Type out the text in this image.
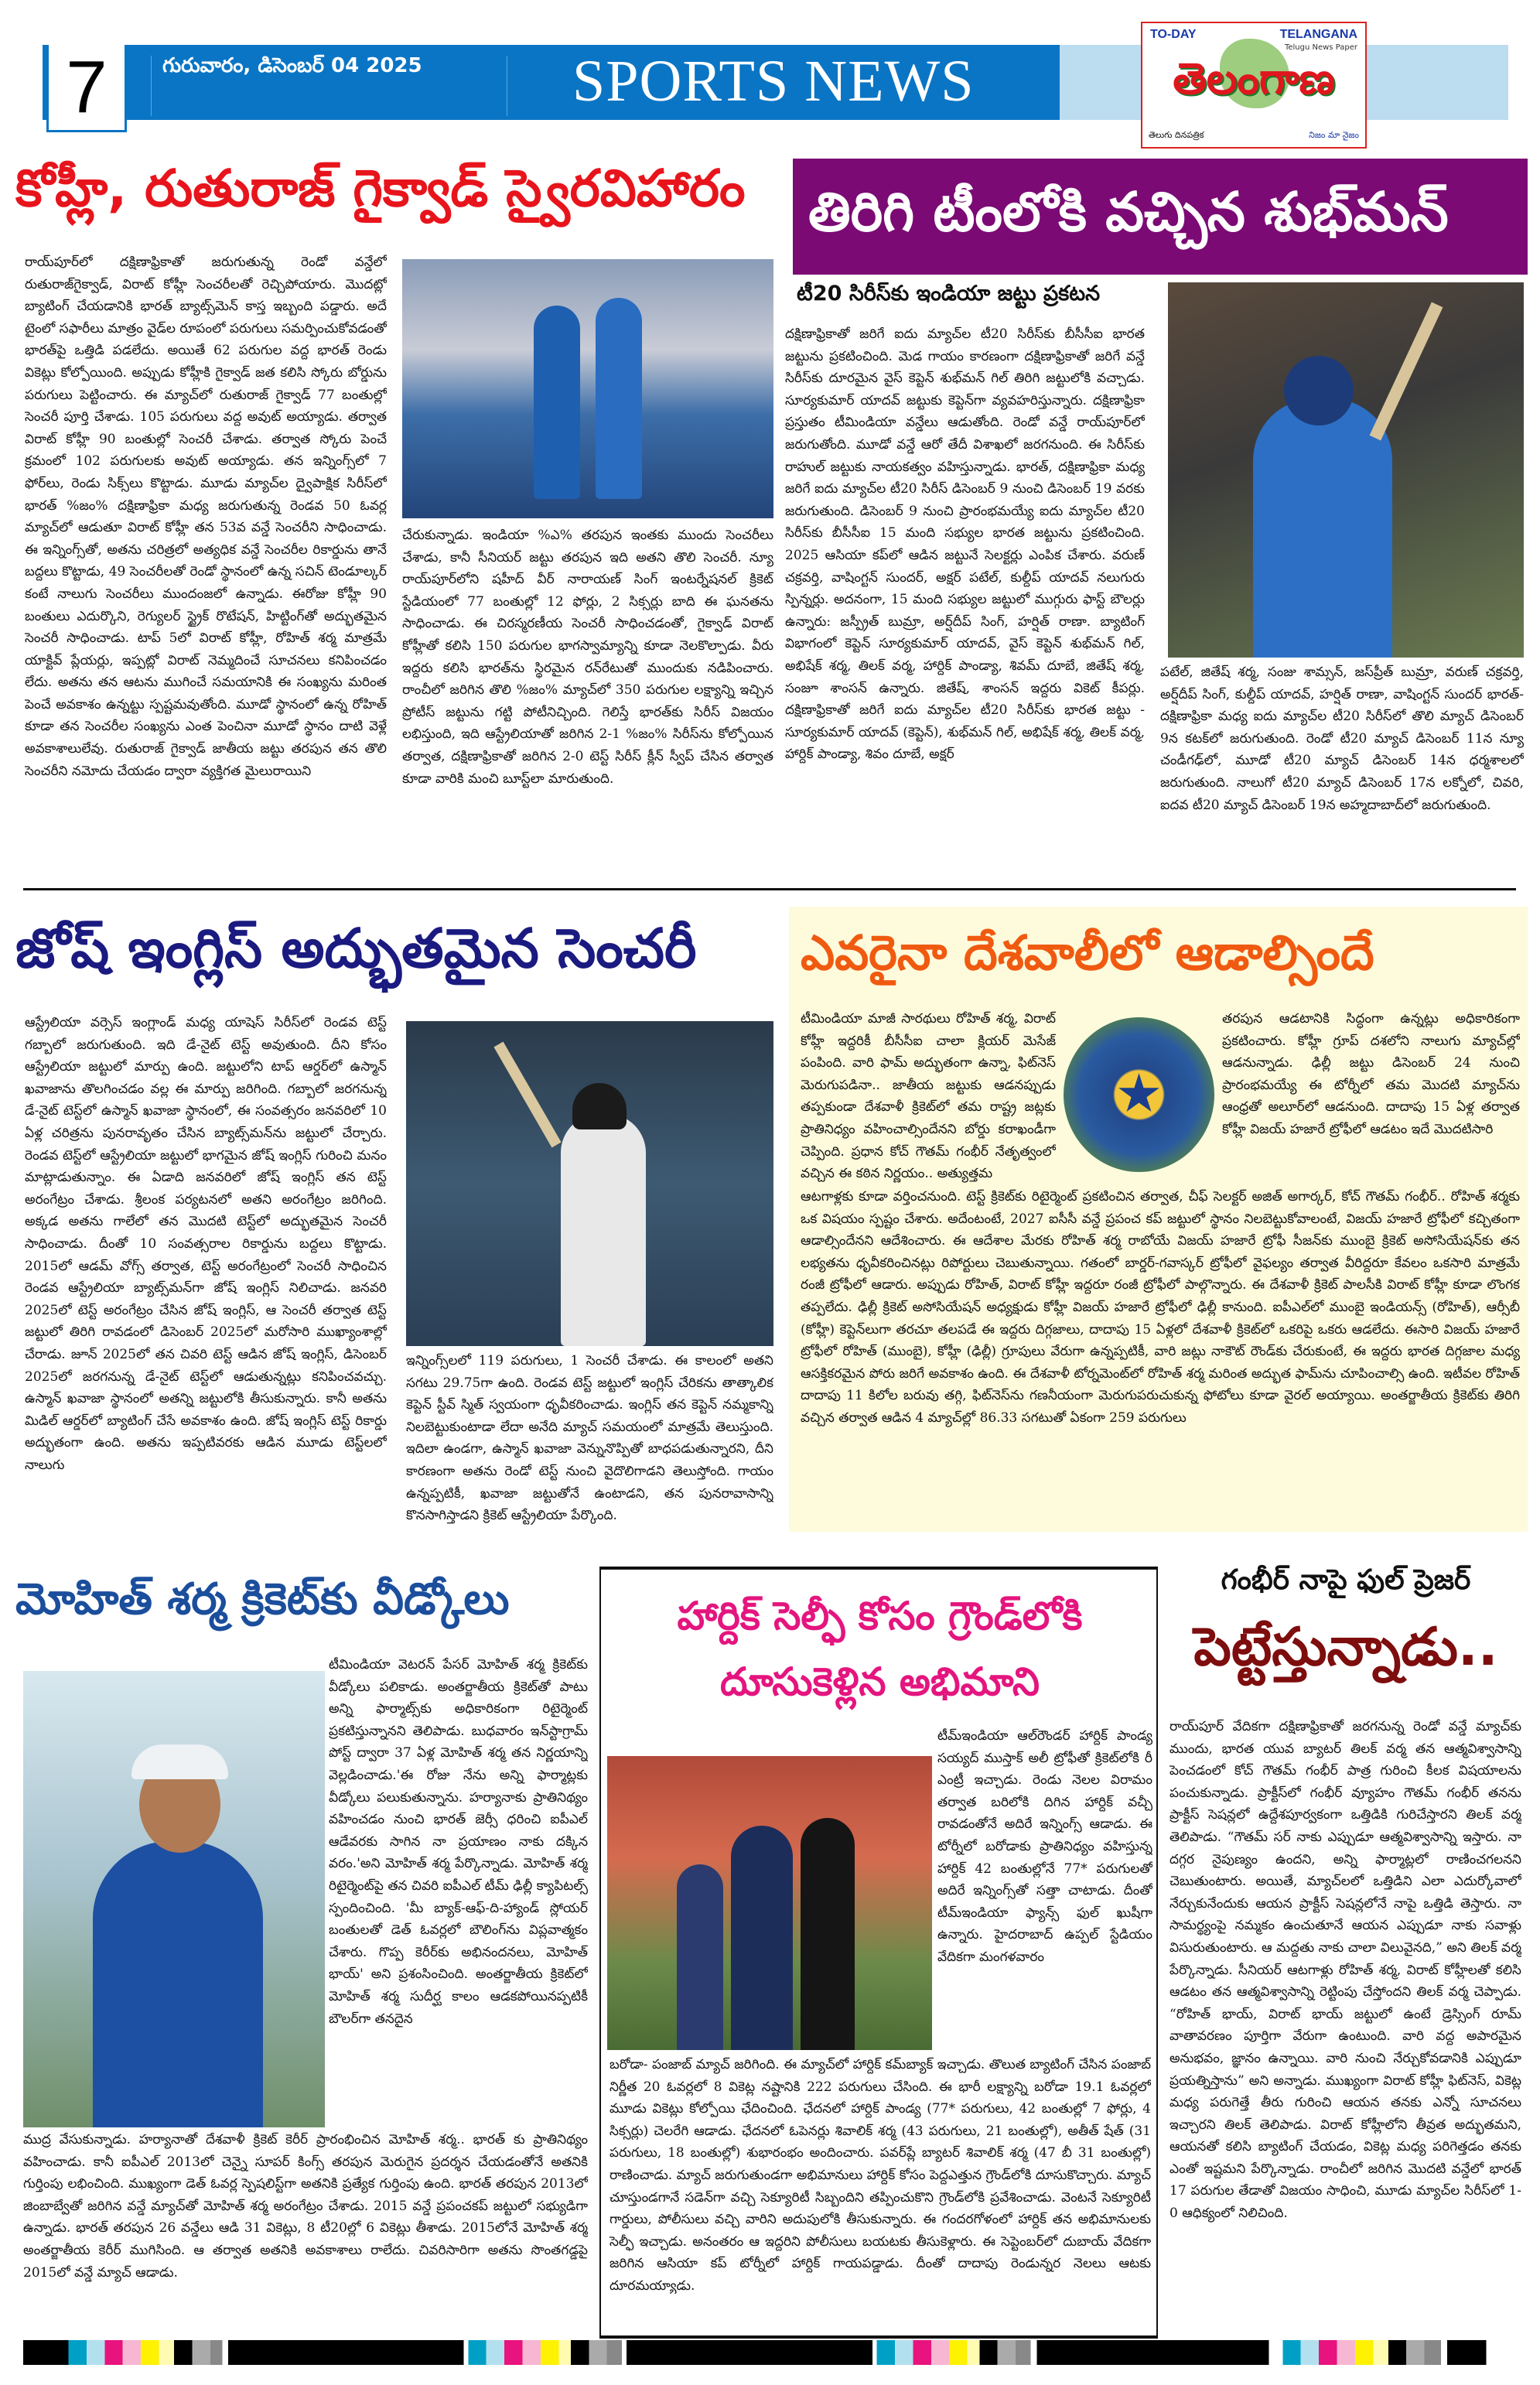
7	గురువారం, డిసెంబర్ 04 2025	SPORTS NEWS
TO-DAY	TELANGANA
Telugu News Paper
తెలంగాణ
తెలుగు దినపత్రిక	నిజం మా నైజం
కోహ్లీ, రుతురాజ్ గైక్వాడ్ స్వైరవిహారం
రాయ్‌పూర్‌లో దక్షిణాఫ్రికాతో జరుగుతున్న రెండో వన్డేలో రుతురాజ్‌గైక్వాడ్, విరాట్ కోహ్లీ సెంచరీలతో రెచ్చిపోయారు. మొదట్లో బ్యాటింగ్ చేయడానికి భారత్ బ్యాట్స్‌మెన్ కాస్త ఇబ్బంది పడ్డారు. అదే టైంలో సఫారీలు మాత్రం వైడ్‌ల రూపంలో పరుగులు సమర్పించుకోవడంతో భారత్‌పై ఒత్తిడి పడలేదు. అయితే 62 పరుగుల వద్ద భారత్ రెండు వికెట్లు కోల్పోయింది. అప్పుడు కోహ్లీకి గైక్వాడ్ జత కలిసి స్కోరు బోర్డును పరుగులు పెట్టించారు. ఈ మ్యాచ్‌లో రుతురాజ్ గైక్వాడ్ 77 బంతుల్లో సెంచరీ పూర్తి చేశాడు. 105 పరుగులు వద్ద అవుట్ అయ్యాడు. తర్వాత విరాట్ కోహ్లీ 90 బంతుల్లో సెంచరీ చేశాడు. తర్వాత స్కోరు పెంచే క్రమంలో 102 పరుగులకు అవుట్ అయ్యాడు. తన ఇన్నింగ్స్‌లో 7 ఫోర్‌లు, రెండు సిక్స్‌లు కొట్టాడు. మూడు మ్యాచ్‌ల ద్వైపాక్షిక సిరీస్‌లో భారత్ %జం% దక్షిణాఫ్రికా మధ్య జరుగుతున్న రెండవ 50 ఓవర్ల మ్యాచ్‌లో ఆడుతూ విరాట్ కోహ్లీ తన 53వ వన్డే సెంచరీని సాధించాడు. ఈ ఇన్నింగ్స్‌తో, అతను చరిత్రలో అత్యధిక వన్డే సెంచరీల రికార్డును తానే బద్దలు కొట్టాడు, 49 సెంచరీలతో రెండో స్థానంలో ఉన్న సచిన్ టెండూల్కర్ కంటే నాలుగు సెంచరీలు ముందంజలో ఉన్నాడు. ఈరోజు కోహ్లీ 90 బంతులు ఎదుర్కొని, రెగ్యులర్ స్ట్రైక్ రొటేషన్, హిట్టింగ్‌తో అద్భుతమైన సెంచరీ సాధించాడు. టాప్ 5లో విరాట్ కోహ్లీ, రోహిత్ శర్మ మాత్రమే యాక్టివ్ ప్లేయర్లు, ఇప్పట్లో విరాట్ నెమ్మదించే సూచనలు కనిపించడం లేదు. అతను తన ఆటను ముగించే సమయానికి ఈ సంఖ్యను మరింత పెంచే అవకాశం ఉన్నట్టు స్పష్టమవుతోంది. మూడో స్థానంలో ఉన్న రోహిత్ కూడా తన సెంచరీల సంఖ్యను ఎంత పెంచినా మూడో స్థానం దాటి వెళ్లే అవకాశాలులేవు. రుతురాజ్ గైక్వాడ్ జాతీయ జట్టు తరపున తన తొలి సెంచరీని నమోదు చేయడం ద్వారా వ్యక్తిగత మైలురాయిని
చేరుకున్నాడు. ఇండియా %ఎ% తరపున ఇంతకు ముందు సెంచరీలు చేశాడు, కానీ సీనియర్ జట్టు తరపున ఇది అతని తొలి సెంచరీ. న్యూ రాయ్‌పూర్‌లోని షహీద్ వీర్ నారాయణ్ సింగ్ ఇంటర్నేషనల్ క్రికెట్ స్టేడియంలో 77 బంతుల్లో 12 ఫోర్లు, 2 సిక్సర్లు బాది ఈ ఘనతను సాధించాడు. ఈ చిరస్మరణీయ సెంచరీ సాధించడంతో, గైక్వాడ్ విరాట్ కోహ్లీతో కలిసి 150 పరుగుల భాగస్వామ్యాన్ని కూడా నెలకొల్పాడు. వీరు ఇద్దరు కలిసి భారత్‌ను స్థిరమైన రన్‌రేటుతో ముందుకు నడిపించారు. రాంచీలో జరిగిన తొలి %జం% మ్యాచ్‌లో 350 పరుగుల లక్ష్యాన్ని ఇచ్చిన ప్రోటీస్ జట్టును గట్టి పోటీనిచ్చింది. గెలిస్తే భారత్‌కు సిరీస్ విజయం లభిస్తుంది, ఇది ఆస్ట్రేలియాతో జరిగిన 2-1 %జం% సిరీస్‌ను కోల్పోయిన తర్వాత, దక్షిణాఫ్రికాతో జరిగిన 2-0 టెస్ట్ సిరీస్ క్లీన్ స్వీప్ చేసిన తర్వాత కూడా వారికి మంచి బూస్ట్‌లా మారుతుంది.
తిరిగి టీంలోకి వచ్చిన శుభ్‌మన్
టీ20 సిరీస్‌కు ఇండియా జట్టు ప్రకటన
దక్షిణాఫ్రికాతో జరిగే ఐదు మ్యాచ్‌ల టీ20 సిరీస్‌కు బీసీసీఐ భారత జట్టును ప్రకటించింది. మెడ గాయం కారణంగా దక్షిణాఫ్రికాతో జరిగే వన్డే సిరీస్‌కు దూరమైన వైస్ కెప్టెన్ శుభ్‌మన్ గిల్ తిరిగి జట్టులోకి వచ్చాడు. సూర్యకుమార్ యాదవ్ జట్టుకు కెప్టెన్‌గా వ్యవహరిస్తున్నారు. దక్షిణాఫ్రికా ప్రస్తుతం టీమిండియా వన్డేలు ఆడుతోంది. రెండో వన్డే రాయ్‌పూర్‌లో జరుగుతోంది. మూడో వన్డే ఆరో తేదీ విశాఖలో జరగనుంది. ఈ సిరీస్‌కు రాహుల్ జట్టుకు నాయకత్వం వహిస్తున్నాడు. భారత్, దక్షిణాఫ్రికా మధ్య జరిగే ఐదు మ్యాచ్‌ల టీ20 సిరీస్ డిసెంబర్ 9 నుంచి డిసెంబర్ 19 వరకు జరుగుతుంది. డిసెంబర్ 9 నుంచి ప్రారంభమయ్యే ఐదు మ్యాచ్‌ల టీ20 సిరీస్‌కు బీసీసీఐ 15 మంది సభ్యుల భారత జట్టును ప్రకటించింది. 2025 ఆసియా కప్‌లో ఆడిన జట్టునే సెలక్టర్లు ఎంపిక చేశారు. వరుణ్ చక్రవర్తి, వాషింగ్టన్ సుందర్, అక్షర్ పటేల్, కుల్దీప్ యాదవ్ నలుగురు స్పిన్నర్లు. అదనంగా, 15 మంది సభ్యుల జట్టులో ముగ్గురు ఫాస్ట్ బౌలర్లు ఉన్నారు: జస్ప్రీత్ బుమ్రా, అర్ష్‌దీప్ సింగ్, హర్షిత్ రాణా. బ్యాటింగ్ విభాగంలో కెప్టెన్ సూర్యకుమార్ యాదవ్, వైస్ కెప్టెన్ శుభ్‌మన్ గిల్, అభిషేక్ శర్మ, తిలక్ వర్మ, హార్దిక్ పాండ్యా, శివమ్ దూబే, జితేష్ శర్మ, సంజూ శాంసన్ ఉన్నారు. జితేష్, శాంసన్ ఇద్దరు వికెట్ కీపర్లు. దక్షిణాఫ్రికాతో జరిగే ఐదు మ్యాచ్‌ల టీ20 సిరీస్‌కు భారత జట్టు - సూర్యకుమార్ యాదవ్ (కెప్టెన్), శుభ్‌మన్ గిల్, అభిషేక్ శర్మ, తిలక్ వర్మ, హార్దిక్ పాండ్యా, శివం దూబే, అక్షర్
పటేల్, జితేష్ శర్మ, సంజు శామ్సన్, జస్‌ప్రీత్ బుమ్రా, వరుణ్ చక్రవర్తి, అర్ష్‌దీప్ సింగ్, కుల్దీప్ యాదవ్, హర్షిత్ రాణా, వాషింగ్టన్ సుందర్ భారత్-దక్షిణాఫ్రికా మధ్య ఐదు మ్యాచ్‌ల టీ20 సిరీస్‌లో తొలి మ్యాచ్ డిసెంబర్ 9న కటక్‌లో జరుగుతుంది. రెండో టీ20 మ్యాచ్ డిసెంబర్ 11న న్యూ చండీగఢ్‌లో, మూడో టీ20 మ్యాచ్ డిసెంబర్ 14న ధర్మశాలలో జరుగుతుంది. నాలుగో టీ20 మ్యాచ్ డిసెంబర్ 17న లక్నోలో, చివరి, ఐదవ టీ20 మ్యాచ్ డిసెంబర్ 19న అహ్మదాబాద్‌లో జరుగుతుంది.
జోష్ ఇంగ్లిస్ అద్భుతమైన సెంచరీ
ఆస్ట్రేలియా వర్సెస్ ఇంగ్లాండ్ మధ్య యాషెస్ సిరీస్‌లో రెండవ టెస్ట్ గబ్బాలో జరుగుతుంది. ఇది డే-నైట్ టెస్ట్ అవుతుంది. దీని కోసం ఆస్ట్రేలియా జట్టులో మార్పు ఉంది. జట్టులోని టాప్ ఆర్డర్‌లో ఉస్మాన్ ఖవాజాను తొలగించడం వల్ల ఈ మార్పు జరిగింది. గబ్బాలో జరగనున్న డే-నైట్ టెస్ట్‌లో ఉస్మాన్ ఖవాజా స్థానంలో, ఈ సంవత్సరం జనవరిలో 10 ఏళ్ల చరిత్రను పునరావృతం చేసిన బ్యాట్స్‌మన్‌ను జట్టులో చేర్చారు. రెండవ టెస్ట్‌లో ఆస్ట్రేలియా జట్టులో భాగమైన జోష్ ఇంగ్లిస్ గురించి మనం మాట్లాడుతున్నాం. ఈ ఏడాది జనవరిలో జోష్ ఇంగ్లిస్ తన టెస్ట్ అరంగేట్రం చేశాడు. శ్రీలంక పర్యటనలో అతని అరంగేట్రం జరిగింది. అక్కడ అతను గాలేలో తన మొదటి టెస్ట్‌లో అద్భుతమైన సెంచరీ సాధించాడు. దీంతో 10 సంవత్సరాల రికార్డును బద్దలు కొట్టాడు. 2015లో ఆడమ్ వోగ్స్ తర్వాత, టెస్ట్ అరంగేట్రంలో సెంచరీ సాధించిన రెండవ ఆస్ట్రేలియా బ్యాట్స్‌మన్‌గా జోష్ ఇంగ్లిస్ నిలిచాడు. జనవరి 2025లో టెస్ట్ అరంగేట్రం చేసిన జోష్ ఇంగ్లిస్, ఆ సెంచరీ తర్వాత టెస్ట్ జట్టులో తిరిగి రావడంలో డిసెంబర్ 2025లో మరోసారి ముఖ్యాంశాల్లో చేరాడు. జూన్ 2025లో తన చివరి టెస్ట్ ఆడిన జోష్ ఇంగ్లిస్, డిసెంబర్ 2025లో జరగనున్న డే-నైట్ టెస్ట్‌లో ఆడుతున్నట్లు కనిపించవచ్చు. ఉస్మాన్ ఖవాజా స్థానంలో అతన్ని జట్టులోకి తీసుకున్నారు. కానీ అతను మిడిల్ ఆర్డర్‌లో బ్యాటింగ్ చేసే అవకాశం ఉంది. జోష్ ఇంగ్లిస్ టెస్ట్ రికార్డు అద్భుతంగా ఉంది. అతను ఇప్పటివరకు ఆడిన మూడు టెస్ట్‌లలో నాలుగు
ఇన్నింగ్స్‌లలో 119 పరుగులు, 1 సెంచరీ చేశాడు. ఈ కాలంలో అతని సగటు 29.75గా ఉంది. రెండవ టెస్ట్ జట్టులో ఇంగ్లిస్ చేరికను తాత్కాలిక కెప్టెన్ స్టీవ్ స్మిత్ స్వయంగా ధృవీకరించాడు. ఇంగ్లిస్ తన కెప్టెన్ నమ్మకాన్ని నిలబెట్టుకుంటాడా లేదా అనేది మ్యాచ్ సమయంలో మాత్రమే తెలుస్తుంది. ఇదిలా ఉండగా, ఉస్మాన్ ఖవాజా వెన్నునొప్పితో బాధపడుతున్నారని, దీని కారణంగా అతను రెండో టెస్ట్ నుంచి వైదొలిగాడని తెలుస్తోంది. గాయం ఉన్నప్పటికీ, ఖవాజా జట్టుతోనే ఉంటాడని, తన పునరావాసాన్ని కొనసాగిస్తాడని క్రికెట్ ఆస్ట్రేలియా పేర్కొంది.
ఎవరైనా దేశవాలీలో ఆడాల్సిందే
టీమిండియా మాజీ సారథులు రోహిత్ శర్మ, విరాట్ కోహ్లీ ఇద్దరికీ బీసీసీఐ చాలా క్లియర్ మెసేజ్ పంపింది. వారి ఫామ్ అద్భుతంగా ఉన్నా, ఫిట్‌నెస్ మెరుగుపడినా.. జాతీయ జట్టుకు ఆడనప్పుడు తప్పకుండా దేశవాళీ క్రికెట్‌లో తమ రాష్ట్ర జట్లకు ప్రాతినిధ్యం వహించాల్సిందేనని బోర్డు కరాఖండీగా చెప్పింది. ప్రధాన కోచ్ గౌతమ్ గంభీర్ నేతృత్వంలో వచ్చిన ఈ కఠిన నిర్ణయం.. అత్యుత్తమ
తరపున ఆడటానికి సిద్ధంగా ఉన్నట్లు అధికారికంగా ప్రకటించారు. కోహ్లీ గ్రూప్ దశలోని నాలుగు మ్యాచ్‌ల్లో ఆడనున్నాడు. ఢిల్లీ జట్టు డిసెంబర్ 24 నుంచి ప్రారంభమయ్యే ఈ టోర్నీలో తమ మొదటి మ్యాచ్‌ను ఆంధ్రతో అలూర్‌లో ఆడనుంది. దాదాపు 15 ఏళ్ల తర్వాత కోహ్లీ విజయ్ హజారే ట్రోఫీలో ఆడటం ఇదే మొదటిసారి
ఆటగాళ్లకు కూడా వర్తించనుంది. టెస్ట్ క్రికెట్‌కు రిటైర్మెంట్ ప్రకటించిన తర్వాత, చీఫ్ సెలక్టర్ అజిత్ అగార్కర్, కోచ్ గౌతమ్ గంభీర్.. రోహిత్ శర్మకు ఒక విషయం స్పష్టం చేశారు. అదేంటంటే, 2027 ఐసీసీ వన్డే ప్రపంచ కప్ జట్టులో స్థానం నిలబెట్టుకోవాలంటే, విజయ్ హజారే ట్రోఫీలో కచ్చితంగా ఆడాల్సిందేనని ఆదేశించారు. ఈ ఆదేశాల మేరకు రోహిత్ శర్మ రాబోయే విజయ్ హజారే ట్రోఫీ సీజన్‌కు ముంబై క్రికెట్ అసోసియేషన్‌కు తన లభ్యతను ధృవీకరించినట్లు రిపోర్టులు చెబుతున్నాయి. గతంలో బార్డర్-గవాస్కర్ ట్రోఫీలో వైఫల్యం తర్వాత వీరిద్దరూ కేవలం ఒకసారి మాత్రమే రంజీ ట్రోఫీలో ఆడారు. అప్పుడు రోహిత్, విరాట్ కోహ్లీ ఇద్దరూ రంజీ ట్రోఫీలో పాల్గొన్నారు. ఈ దేశవాళీ క్రికెట్ పాలసీకి విరాట్ కోహ్లీ కూడా లొంగక తప్పలేదు. ఢిల్లీ క్రికెట్ అసోసియేషన్ అధ్యక్షుడు కోహ్లీ విజయ్ హజారే ట్రోఫీలో ఢిల్లీ కానుంది. ఐపీఎల్‌లో ముంబై ఇండియన్స్ (రోహిత్), ఆర్సీబీ (కోహ్లీ) కెప్టెన్‌లుగా తరచూ తలపడే ఈ ఇద్దరు దిగ్గజాలు, దాదాపు 15 ఏళ్లలో దేశవాళీ క్రికెట్‌లో ఒకరిపై ఒకరు ఆడలేదు. ఈసారి విజయ్ హజారే ట్రోఫీలో రోహిత్ (ముంబై), కోహ్లీ (ఢిల్లీ) గ్రూపులు వేరుగా ఉన్నప్పటికీ, వారి జట్లు నాకౌట్ రౌండ్‌కు చేరుకుంటే, ఈ ఇద్దరు భారత దిగ్గజాల మధ్య ఆసక్తికరమైన పోరు జరిగే అవకాశం ఉంది. ఈ దేశవాళీ టోర్నమెంట్‌లో రోహిత్ శర్మ మరింత అద్భుత ఫామ్‌ను చూపించాల్సి ఉంది. ఇటీవల రోహిత్ దాదాపు 11 కిలోల బరువు తగ్గి, ఫిట్‌నెస్‌ను గణనీయంగా మెరుగుపరుచుకున్న ఫోటోలు కూడా వైరల్ అయ్యాయి. అంతర్జాతీయ క్రికెట్‌కు తిరిగి వచ్చిన తర్వాత ఆడిన 4 మ్యాచ్‌ల్లో 86.33 సగటుతో ఏకంగా 259 పరుగులు
మోహిత్ శర్మ క్రికెట్‌కు వీడ్కోలు
టీమిండియా వెటరన్ పేసర్ మోహిత్ శర్మ క్రికెట్‌కు వీడ్కోలు పలికాడు. అంతర్జాతీయ క్రికెట్‌తో పాటు అన్ని ఫార్మాట్స్‌కు అధికారికంగా రిటైర్మెంట్ ప్రకటిస్తున్నానని తెలిపాడు. బుధవారం ఇన్‌స్టాగ్రామ్ పోస్ట్ ద్వారా 37 ఏళ్ల మోహిత్ శర్మ తన నిర్ణయాన్ని వెల్లడించాడు.'ఈ రోజు నేను అన్ని ఫార్మాట్లకు వీడ్కోలు పలుకుతున్నాను. హర్యానాకు ప్రాతినిథ్యం వహించడం నుంచి భారత్ జెర్సీ ధరించి ఐపీఎల్ ఆడేవరకు సాగిన నా ప్రయాణం నాకు దక్కిన వరం.'అని మోహిత్ శర్మ పేర్కొన్నాడు. మోహిత్ శర్మ రిటైర్మెంట్‌పై తన చివరి ఐపీఎల్ టీమ్ ఢిల్లీ క్యాపిటల్స్ స్పందించింది. 'మీ బ్యాక్-ఆఫ్-ది-హ్యాండ్ స్లోయర్ బంతులతో డెత్ ఓవర్లలో బౌలింగ్‌ను విప్లవాత్మకం చేశారు. గొప్ప కెరీర్‌కు అభినందనలు, మోహిత్ భాయ్' అని ప్రశంసించింది. అంతర్జాతీయ క్రికెట్‌లో మోహిత్ శర్మ సుదీర్ఘ కాలం ఆడకపోయినప్పటికీ బౌలర్‌గా తనదైన
ముద్ర వేసుకున్నాడు. హర్యానాతో దేశవాళీ క్రికెట్ కెరీర్ ప్రారంభించిన మోహిత్ శర్మ.. భారత్ కు ప్రాతినిథ్యం వహించాడు. కానీ ఐపీఎల్ 2013లో చెన్నై సూపర్ కింగ్స్ తరపున మెరుగైన ప్రదర్శన చేయడంతోనే అతనికి గుర్తింపు లభించింది. ముఖ్యంగా డెత్ ఓవర్ల స్పెషలిస్ట్‌గా అతనికి ప్రత్యేక గుర్తింపు ఉంది. భారత్ తరపున 2013లో జింబాబ్వేతో జరిగిన వన్డే మ్యాచ్‌తో మోహిత్ శర్మ అరంగేట్రం చేశాడు. 2015 వన్డే ప్రపంచకప్ జట్టులో సభ్యుడిగా ఉన్నాడు. భారత్ తరపున 26 వన్డేలు ఆడి 31 వికెట్లు, 8 టీ20ల్లో 6 వికెట్లు తీశాడు. 2015లోనే మోహిత్ శర్మ అంతర్జాతీయ కెరీర్ ముగిసింది. ఆ తర్వాత అతనికి అవకాశాలు రాలేదు. చివరిసారిగా అతను సొంతగడ్డపై 2015లో వన్డే మ్యాచ్ ఆడాడు.
హార్దిక్ సెల్ఫీ కోసం గ్రౌండ్‌లోకి
దూసుకెళ్లిన అభిమాని
టీమ్ఇండియా ఆల్‌రౌండర్ హార్దిక్ పాండ్య సయ్యద్ ముస్తాక్ అలీ ట్రోఫీతో క్రికెట్‌లోకి రీ ఎంట్రీ ఇచ్చాడు. రెండు నెలల విరామం తర్వాత బరిలోకి దిగిన హార్దిక్ వచ్చీ రావడంతోనే అదిరే ఇన్నింగ్స్ ఆడాడు. ఈ టోర్నీలో బరోడాకు ప్రాతినిధ్యం వహిస్తున్న హార్దిక్ 42 బంతుల్లోనే 77* పరుగులతో అదిరే ఇన్నింగ్స్‌తో సత్తా చాటాడు. దీంతో టీమ్ఇండియా ఫ్యాన్స్ ఫుల్ ఖుషీగా ఉన్నారు. హైదరాబాద్ ఉప్పల్ స్టేడియం వేదికగా మంగళవారం
బరోడా- పంజాబ్ మ్యాచ్ జరిగింది. ఈ మ్యాచ్‌లో హార్దిక్ కమ్‌బ్యాక్ ఇచ్చాడు. తొలుత బ్యాటింగ్ చేసిన పంజాబ్ నిర్ణీత 20 ఓవర్లలో 8 వికెట్ల నష్టానికి 222 పరుగులు చేసింది. ఈ భారీ లక్ష్యాన్ని బరోడా 19.1 ఓవర్లలో మూడు వికెట్లు కోల్పోయి ఛేదించింది. ఛేదనలో హార్దిక్ పాండ్య (77* పరుగులు, 42 బంతుల్లో 7 ఫోర్లు, 4 సిక్సర్లు) చెలరేగి ఆడాడు. ఛేదనలో ఓపెనర్లు శివాలిక్ శర్మ (43 పరుగులు, 21 బంతుల్లో), అతీత్ షేత్ (31 పరుగులు, 18 బంతుల్లో) శుభారంభం అందించారు. పవర్‌ప్లే బ్యాటర్ శివాలిక్ శర్మ (47 బీ 31 బంతుల్లో) రాణించాడు. మ్యాచ్ జరుగుతుండగా అభిమానులు హార్దిక్ కోసం పెద్దఎత్తున గ్రౌండ్‌లోకి దూసుకొచ్చారు. మ్యాచ్ చూస్తుండగానే సడెన్‌గా వచ్చి సెక్యూరిటీ సిబ్బందిని తప్పించుకొని గ్రౌండ్‌లోకి ప్రవేశించాడు. వెంటనే సెక్యూరిటీ గార్డులు, పోలీసులు వచ్చి వారిని అదుపులోకి తీసుకున్నారు. ఈ గందరగోళంలో హార్దిక్ తన అభిమానులకు సెల్ఫీ ఇచ్చాడు. అనంతరం ఆ ఇద్దరిని పోలీసులు బయటకు తీసుకెళ్లారు. ఈ సెప్టెంబర్‌లో దుబాయ్ వేదికగా జరిగిన ఆసియా కప్ టోర్నీలో హార్దిక్ గాయపడ్డాడు. దీంతో దాదాపు రెండున్నర నెలలు ఆటకు దూరమయ్యాడు.
గంభీర్ నాపై ఫుల్ ప్రెజర్
పెట్టేస్తున్నాడు..
రాయ్‌పూర్ వేదికగా దక్షిణాఫ్రికాతో జరగనున్న రెండో వన్డే మ్యాచ్‌కు ముందు, భారత యువ బ్యాటర్ తిలక్ వర్మ తన ఆత్మవిశ్వాసాన్ని పెంచడంలో కోచ్ గౌతమ్ గంభీర్ పాత్ర గురించి కీలక విషయాలను పంచుకున్నాడు. ప్రాక్టీస్‌లో గంభీర్ వ్యూహం గౌతమ్ గంభీర్ తనను ప్రాక్టీస్ సెషన్లలో ఉద్దేశపూర్వకంగా ఒత్తిడికి గురిచేస్తారని తిలక్ వర్మ తెలిపాడు. “గౌతమ్ సర్ నాకు ఎప్పుడూ ఆత్మవిశ్వాసాన్ని ఇస్తారు. నా దగ్గర నైపుణ్యం ఉందని, అన్ని ఫార్మాట్లలో రాణించగలనని చెబుతుంటారు. అయితే, మ్యాచ్‌లలో ఒత్తిడిని ఎలా ఎదుర్కోవాలో నేర్చుకునేందుకు ఆయన ప్రాక్టీస్ సెషన్లలోనే నాపై ఒత్తిడి తెస్తారు. నా సామర్థ్యంపై నమ్మకం ఉంచుతూనే ఆయన ఎప్పుడూ నాకు సవాళ్లు విసురుతుంటారు. ఆ మద్దతు నాకు చాలా విలువైనది,” అని తిలక్ వర్మ పేర్కొన్నాడు. సీనియర్ ఆటగాళ్లు రోహిత్ శర్మ, విరాట్ కోహ్లీలతో కలిసి ఆడటం తన ఆత్మవిశ్వాసాన్ని రెట్టింపు చేస్తోందని తిలక్ వర్మ చెప్పాడు. “రోహిత్ భాయ్, విరాట్ భాయ్ జట్టులో ఉంటే డ్రెస్సింగ్ రూమ్ వాతావరణం పూర్తిగా వేరుగా ఉంటుంది. వారి వద్ద అపారమైన అనుభవం, జ్ఞానం ఉన్నాయి. వారి నుంచి నేర్చుకోవడానికి ఎప్పుడూ ప్రయత్నిస్తాను” అని అన్నాడు. ముఖ్యంగా విరాట్ కోహ్లీ ఫిట్‌నెస్, వికెట్ల మధ్య పరుగెత్తే తీరు గురించి ఆయన తనకు ఎన్నో సూచనలు ఇచ్చారని తిలక్ తెలిపాడు. విరాట్ కోహ్లీలోని తీవ్రత అద్భుతమని, ఆయనతో కలిసి బ్యాటింగ్ చేయడం, వికెట్ల మధ్య పరిగెత్తడం తనకు ఎంతో ఇష్టమని పేర్కొన్నాడు. రాంచీలో జరిగిన మొదటి వన్డేలో భారత్ 17 పరుగుల తేడాతో విజయం సాధించి, మూడు మ్యాచ్‌ల సిరీస్‌లో 1-0 ఆధిక్యంలో నిలిచింది.
